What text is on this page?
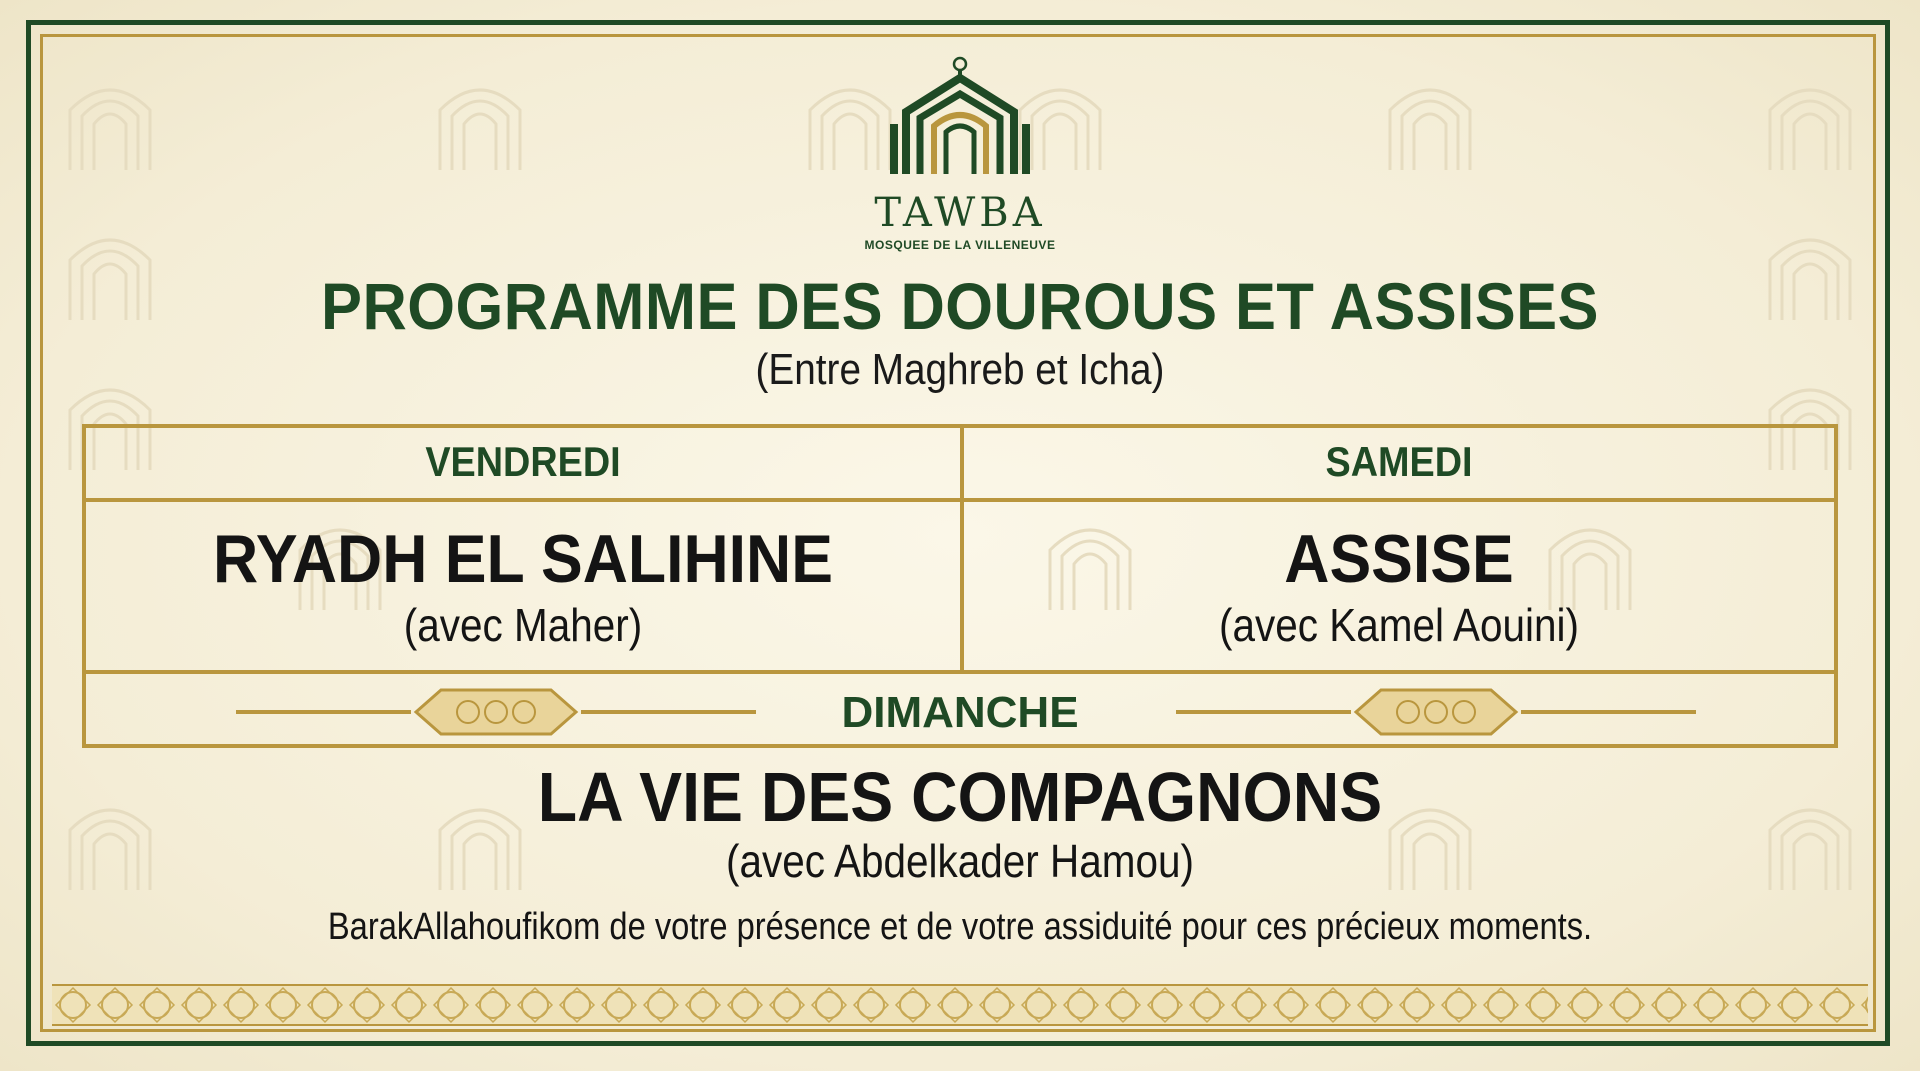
TAWBA
MOSQUEE DE LA VILLENEUVE
PROGRAMME DES DOUROUS ET ASSISES
(Entre Maghreb et Icha)
VENDREDI	SAMEDI
RYADH EL SALIHINE	ASSISE
(avec Maher)	(avec Kamel Aouini)
DIMANCHE
LA VIE DES COMPAGNONS
(avec Abdelkader Hamou)
BarakAllahoufikom de votre présence et de votre assiduité pour ces précieux moments.
